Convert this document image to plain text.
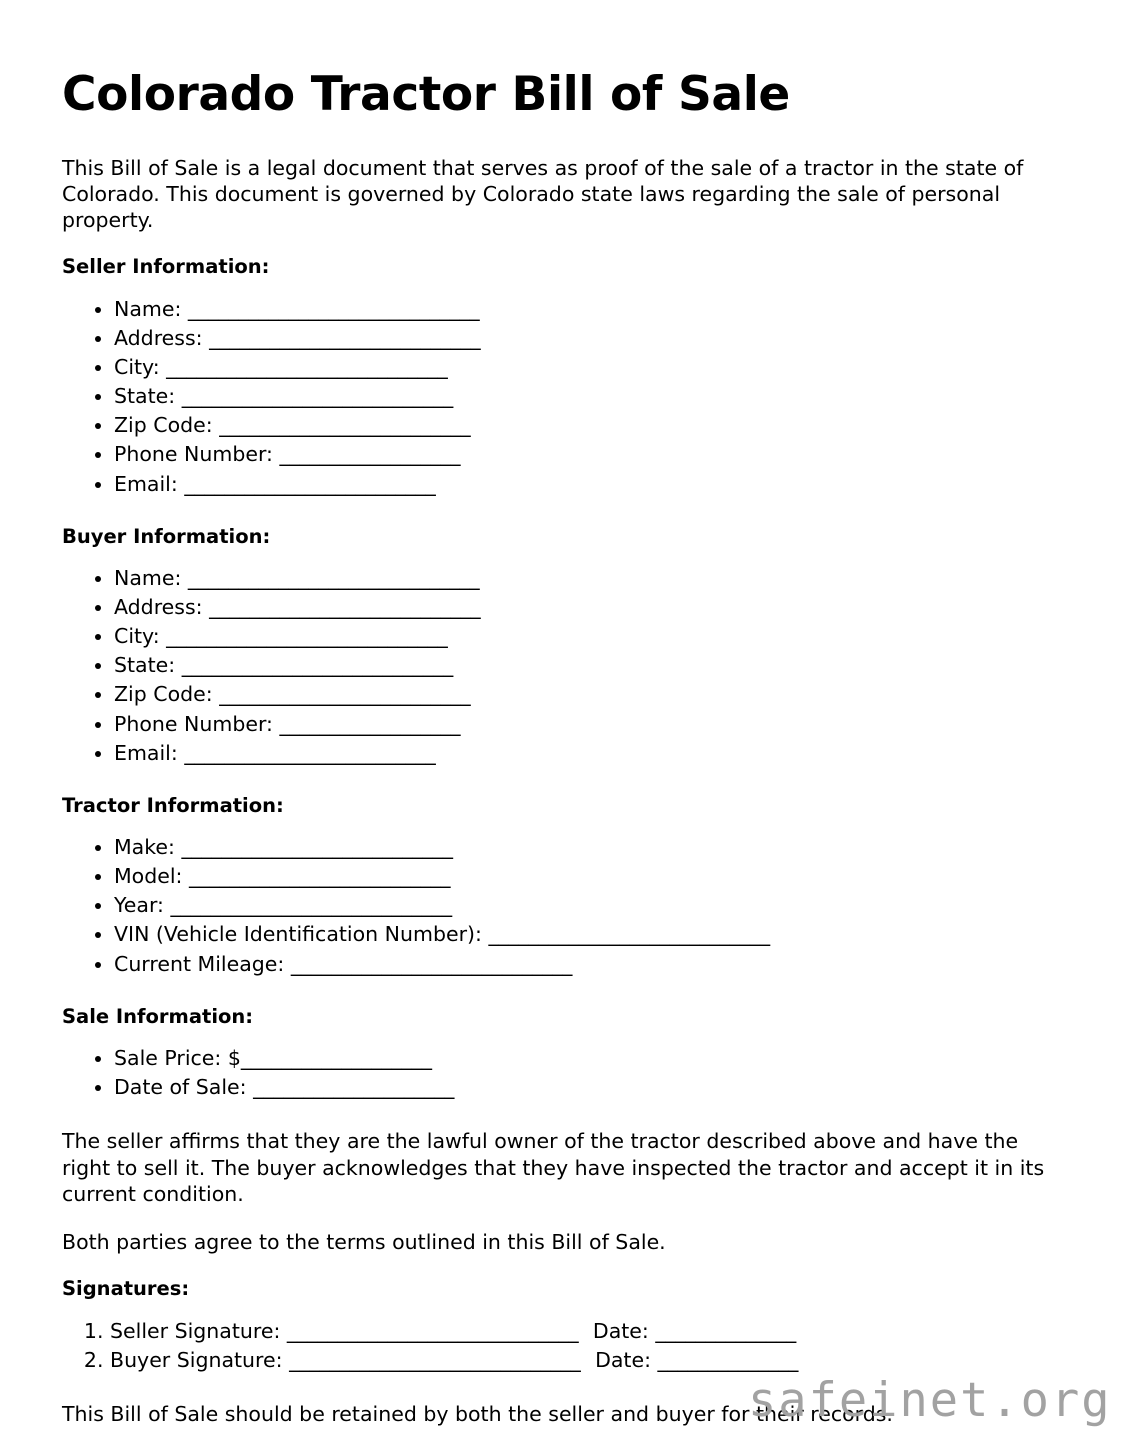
Colorado Tractor Bill of Sale

This Bill of Sale is a legal document that serves as proof of the sale of a tractor in the state of Colorado. This document is governed by Colorado state laws regarding the sale of personal property.

Seller Information:
• Name: _____________________________
• Address: ___________________________
• City: ____________________________
• State: ___________________________
• Zip Code: _________________________
• Phone Number: __________________
• Email: _________________________
Buyer Information:
• Name: _____________________________
• Address: ___________________________
• City: ____________________________
• State: ___________________________
• Zip Code: _________________________
• Phone Number: __________________
• Email: _________________________
Tractor Information:
• Make: ___________________________
• Model: __________________________
• Year: ____________________________
• VIN (Vehicle Identification Number): ____________________________
• Current Mileage: ____________________________
Sale Information:
• Sale Price: $___________________
• Date of Sale: ____________________

The seller affirms that they are the lawful owner of the tractor described above and have the right to sell it. The buyer acknowledges that they have inspected the tractor and accept it in its current condition.

Both parties agree to the terms outlined in this Bill of Sale.

Signatures:
1. Seller Signature: _____________________________ Date: ______________
2. Buyer Signature: _____________________________ Date: ______________

This Bill of Sale should be retained by both the seller and buyer for their records.

safeinet.org
